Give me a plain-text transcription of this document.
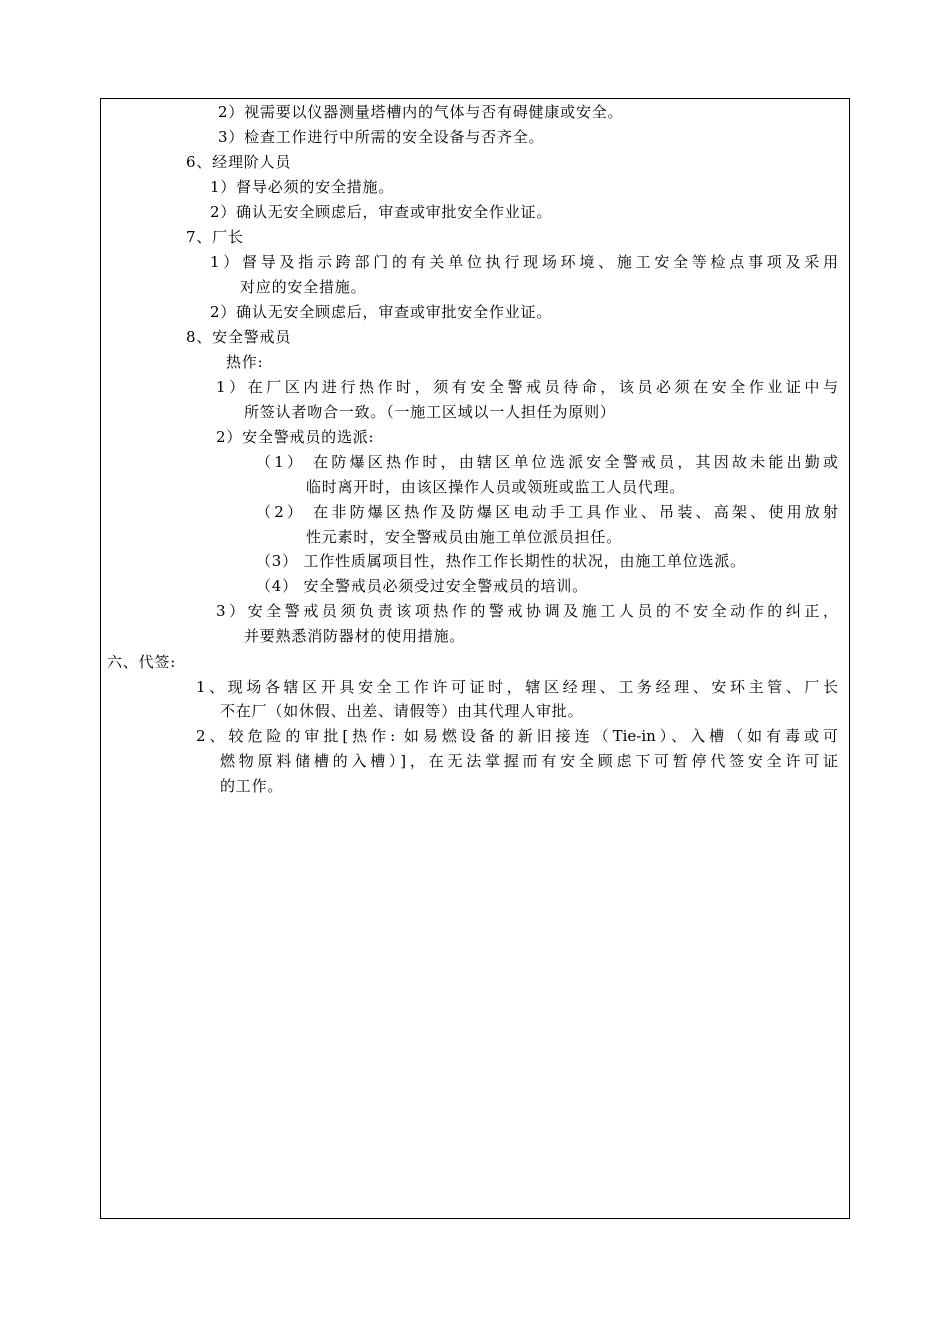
2）视需要以仪器测量塔槽内的气体与否有碍健康或安全。
3）检查工作进行中所需的安全设备与否齐全。
6、经理阶人员
1）督导必须的安全措施。
2）确认无安全顾虑后，审查或审批安全作业证。
7、厂长
1）督导及指示跨部门的有关单位执行现场环境、施工安全等检点事项及采用
对应的安全措施。
2）确认无安全顾虑后，审查或审批安全作业证。
8、安全警戒员
热作:
1）在厂区内进行热作时，须有安全警戒员待命，该员必须在安全作业证中与
所签认者吻合一致。（一施工区域以一人担任为原则）
2）安全警戒员的选派:
（1） 在防爆区热作时，由辖区单位选派安全警戒员，其因故未能出勤或
临时离开时，由该区操作人员或领班或监工人员代理。
（2） 在非防爆区热作及防爆区电动手工具作业、吊装、高架、使用放射
性元素时，安全警戒员由施工单位派员担任。
（3） 工作性质属项目性，热作工作长期性的状况，由施工单位选派。
（4） 安全警戒员必须受过安全警戒员的培训。
3）安全警戒员须负责该项热作的警戒协调及施工人员的不安全动作的纠正，
并要熟悉消防器材的使用措施。
六、代签:
1、现场各辖区开具安全工作许可证时，辖区经理、工务经理、安环主管、厂长
不在厂（如休假、出差、请假等）由其代理人审批。
2、较危险的审批[热作: 如易燃设备的新旧接连（Tie-in）、入槽（如有毒或可
燃物原料储槽的入槽）]，在无法掌握而有安全顾虑下可暂停代签安全许可证
的工作。
